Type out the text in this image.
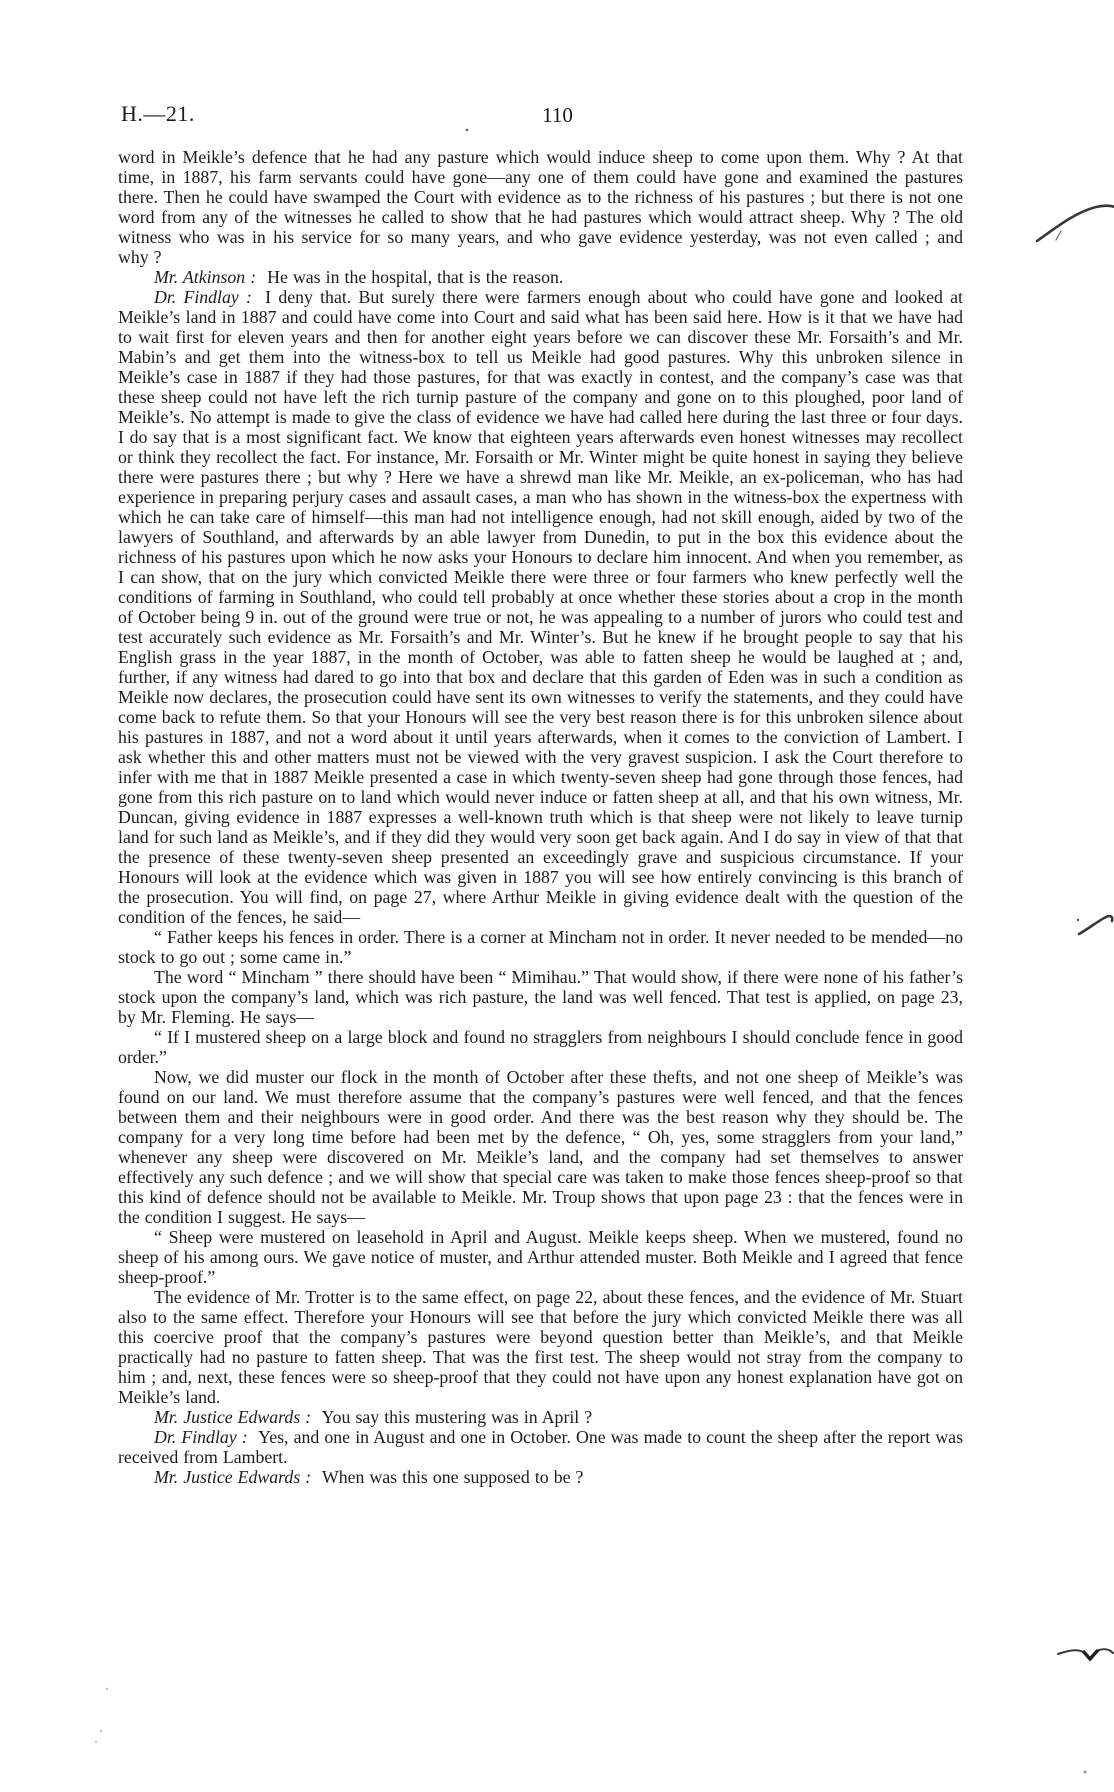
H.—21.	110

word in Meikle’s defence that he had any pasture which would induce sheep to come upon them. Why ? At that time, in 1887, his farm servants could have gone—any one of them could have gone and examined the pastures there. Then he could have swamped the Court with evidence as to the richness of his pastures ; but there is not one word from any of the witnesses he called to show that he had pastures which would attract sheep. Why ? The old witness who was in his service for so many years, and who gave evidence yesterday, was not even called ; and why ?

Mr. Atkinson : He was in the hospital, that is the reason.

Dr. Findlay : I deny that. But surely there were farmers enough about who could have gone and looked at Meikle’s land in 1887 and could have come into Court and said what has been said here. How is it that we have had to wait first for eleven years and then for another eight years before we can discover these Mr. Forsaith’s and Mr. Mabin’s and get them into the witness-box to tell us Meikle had good pastures. Why this unbroken silence in Meikle’s case in 1887 if they had those pastures, for that was exactly in contest, and the company’s case was that these sheep could not have left the rich turnip pasture of the company and gone on to this ploughed, poor land of Meikle’s. No attempt is made to give the class of evidence we have had called here during the last three or four days. I do say that is a most significant fact. We know that eighteen years afterwards even honest witnesses may recollect or think they recollect the fact. For instance, Mr. Forsaith or Mr. Winter might be quite honest in saying they believe there were pastures there ; but why ? Here we have a shrewd man like Mr. Meikle, an ex-policeman, who has had experience in preparing perjury cases and assault cases, a man who has shown in the witness-box the expertness with which he can take care of himself—this man had not intelligence enough, had not skill enough, aided by two of the lawyers of Southland, and afterwards by an able lawyer from Dunedin, to put in the box this evidence about the richness of his pastures upon which he now asks your Honours to declare him innocent. And when you remember, as I can show, that on the jury which convicted Meikle there were three or four farmers who knew perfectly well the conditions of farming in Southland, who could tell probably at once whether these stories about a crop in the month of October being 9 in. out of the ground were true or not, he was appealing to a number of jurors who could test and test accurately such evidence as Mr. Forsaith’s and Mr. Winter’s. But he knew if he brought people to say that his English grass in the year 1887, in the month of October, was able to fatten sheep he would be laughed at ; and, further, if any witness had dared to go into that box and declare that this garden of Eden was in such a condition as Meikle now declares, the prosecution could have sent its own witnesses to verify the statements, and they could have come back to refute them. So that your Honours will see the very best reason there is for this unbroken silence about his pastures in 1887, and not a word about it until years afterwards, when it comes to the conviction of Lambert. I ask whether this and other matters must not be viewed with the very gravest suspicion. I ask the Court therefore to infer with me that in 1887 Meikle presented a case in which twenty-seven sheep had gone through those fences, had gone from this rich pasture on to land which would never induce or fatten sheep at all, and that his own witness, Mr. Duncan, giving evidence in 1887 expresses a well-known truth which is that sheep were not likely to leave turnip land for such land as Meikle’s, and if they did they would very soon get back again. And I do say in view of that that the presence of these twenty-seven sheep presented an exceedingly grave and suspicious circumstance. If your Honours will look at the evidence which was given in 1887 you will see how entirely convincing is this branch of the prosecution. You will find, on page 27, where Arthur Meikle in giving evidence dealt with the question of the condition of the fences, he said—

“ Father keeps his fences in order. There is a corner at Mincham not in order. It never needed to be mended—no stock to go out ; some came in.”

The word “ Mincham ” there should have been “ Mimihau.” That would show, if there were none of his father’s stock upon the company’s land, which was rich pasture, the land was well fenced. That test is applied, on page 23, by Mr. Fleming. He says—

“ If I mustered sheep on a large block and found no stragglers from neighbours I should conclude fence in good order.”

Now, we did muster our flock in the month of October after these thefts, and not one sheep of Meikle’s was found on our land. We must therefore assume that the company’s pastures were well fenced, and that the fences between them and their neighbours were in good order. And there was the best reason why they should be. The company for a very long time before had been met by the defence, “ Oh, yes, some stragglers from your land,” whenever any sheep were discovered on Mr. Meikle’s land, and the company had set themselves to answer effectively any such defence ; and we will show that special care was taken to make those fences sheep-proof so that this kind of defence should not be available to Meikle. Mr. Troup shows that upon page 23 : that the fences were in the condition I suggest. He says—

“ Sheep were mustered on leasehold in April and August. Meikle keeps sheep. When we mustered, found no sheep of his among ours. We gave notice of muster, and Arthur attended muster. Both Meikle and I agreed that fence sheep-proof.”

The evidence of Mr. Trotter is to the same effect, on page 22, about these fences, and the evidence of Mr. Stuart also to the same effect. Therefore your Honours will see that before the jury which convicted Meikle there was all this coercive proof that the company’s pastures were beyond question better than Meikle’s, and that Meikle practically had no pasture to fatten sheep. That was the first test. The sheep would not stray from the company to him ; and, next, these fences were so sheep-proof that they could not have upon any honest explanation have got on Meikle’s land.

Mr. Justice Edwards : You say this mustering was in April ?

Dr. Findlay : Yes, and one in August and one in October. One was made to count the sheep after the report was received from Lambert.

Mr. Justice Edwards : When was this one supposed to be ?
